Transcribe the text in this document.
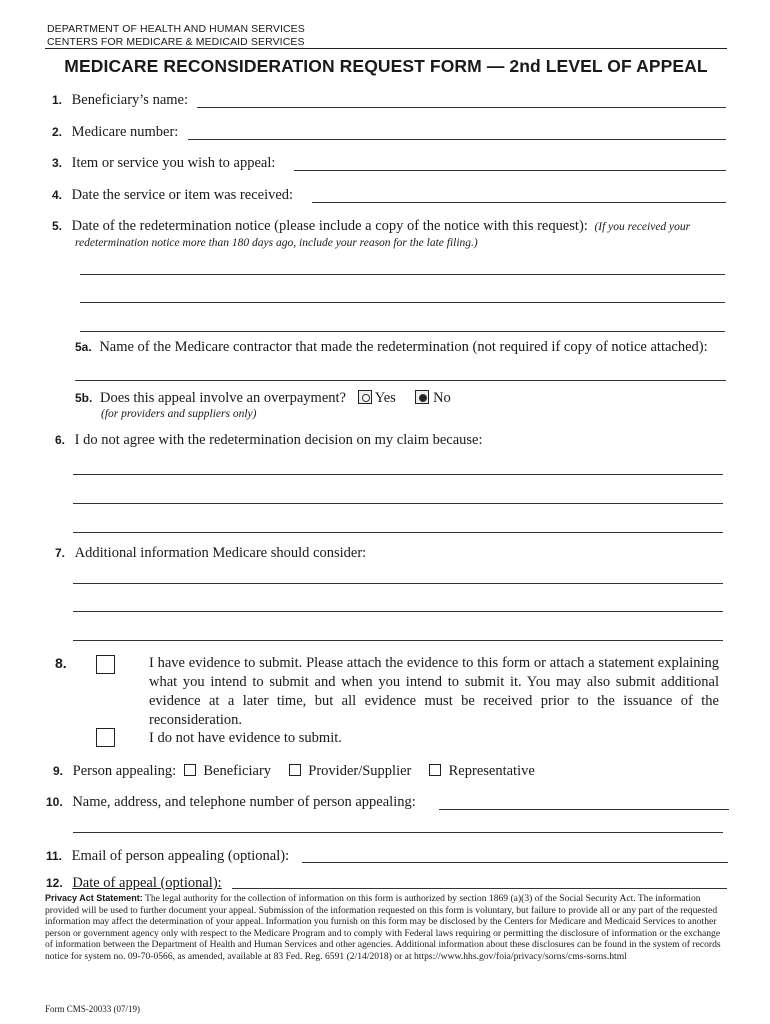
DEPARTMENT OF HEALTH AND HUMAN SERVICES
CENTERS FOR MEDICARE & MEDICAID SERVICES
MEDICARE RECONSIDERATION REQUEST FORM — 2nd LEVEL OF APPEAL
1. Beneficiary’s name:
2. Medicare number:
3. Item or service you wish to appeal:
4. Date the service or item was received:
5. Date of the redetermination notice (please include a copy of the notice with this request): (If you received your
redetermination notice more than 180 days ago, include your reason for the late filing.)
5a. Name of the Medicare contractor that made the redetermination (not required if copy of notice attached):
5b. Does this appeal involve an overpayment? Yes	No
(for providers and suppliers only)
6. I do not agree with the redetermination decision on my claim because:
7. Additional information Medicare should consider:
8.	I have evidence to submit. Please attach the evidence to this form or attach a statement explaining what you intend to submit and when you intend to submit it. You may also submit additional evidence at a later time, but all evidence must be received prior to the issuance of the reconsideration.
I do not have evidence to submit.
9. Person appealing: Beneficiary	Provider/Supplier	Representative
10. Name, address, and telephone number of person appealing:
11. Email of person appealing (optional):
12. Date of appeal (optional):
Privacy Act Statement: The legal authority for the collection of information on this form is authorized by section 1869 (a)(3) of the Social Security Act. The information provided will be used to further document your appeal. Submission of the information requested on this form is voluntary, but failure to provide all or any part of the requested information may affect the determination of your appeal. Information you furnish on this form may be disclosed by the Centers for Medicare and Medicaid Services to another person or government agency only with respect to the Medicare Program and to comply with Federal laws requiring or permitting the disclosure of information or the exchange of information between the Department of Health and Human Services and other agencies. Additional information about these disclosures can be found in the system of records notice for system no. 09-70-0566, as amended, available at 83 Fed. Reg. 6591 (2/14/2018) or at https://www.hhs.gov/foia/privacy/sorns/cms-sorns.html
Form CMS-20033 (07/19)
